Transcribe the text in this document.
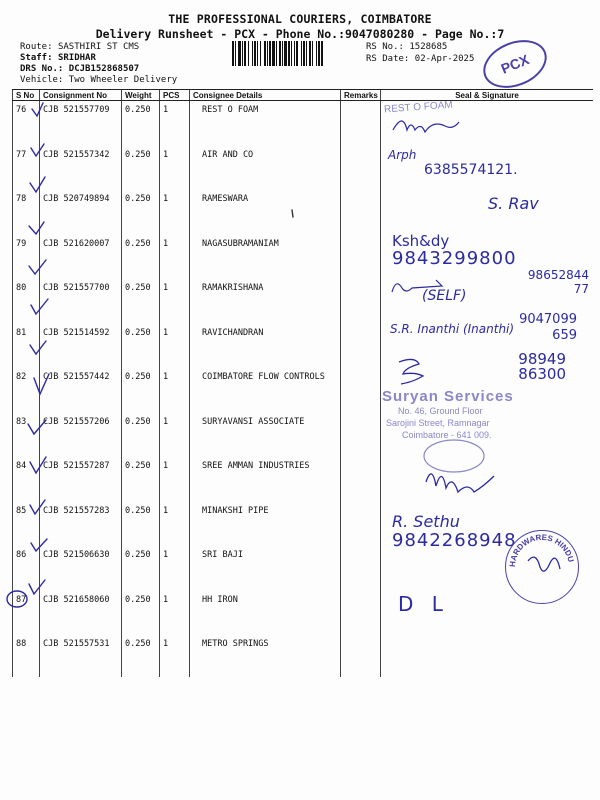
THE PROFESSIONAL COURIERS, COIMBATORE
Delivery Runsheet - PCX - Phone No.:9047080280 - Page No.:7
Route: SASTHIRI ST CMS
Staff: SRIDHAR
DRS No.: DCJB152868507
Vehicle: Two Wheeler Delivery
RS No.: 1528685
RS Date: 02-Apr-2025	PCX
S No	Consignment No	Weight	PCS	Consignee Details	Remarks	Seal & Signature
76	CJB 521557709	0.250	1	REST O FOAM		
77	CJB 521557342	0.250	1	AIR AND CO		
78	CJB 520749894	0.250	1	RAMESWARA		
79	CJB 521620007	0.250	1	NAGASUBRAMANIAM		
80	CJB 521557700	0.250	1	RAMAKRISHANA		
81	CJB 521514592	0.250	1	RAVICHANDRAN		
82	CJB 521557442	0.250	1	COIMBATORE FLOW CONTROLS		
83	CJB 521557206	0.250	1	SURYAVANSI ASSOCIATE		
84	CJB 521557287	0.250	1	SREE AMMAN INDUSTRIES		
85	CJB 521557283	0.250	1	MINAKSHI PIPE		
86	CJB 521506630	0.250	1	SRI BAJI		
87	CJB 521658060	0.250	1	HH IRON		
88	CJB 521557531	0.250	1	METRO SPRINGS		
REST O FOAM
Arph
6385574121.
S. Rav
Ksh&dy
9843299800
(SELF)
98652844 77
S.R. Inanthi (Inanthi)
9047099 659
98949 86300
Suryan Services
No. 46, Ground Floor
Sarojini Street, Ramnagar
Coimbatore - 641 009.
R. Sethu
9842268948
HARDWARES HINDU
D L
